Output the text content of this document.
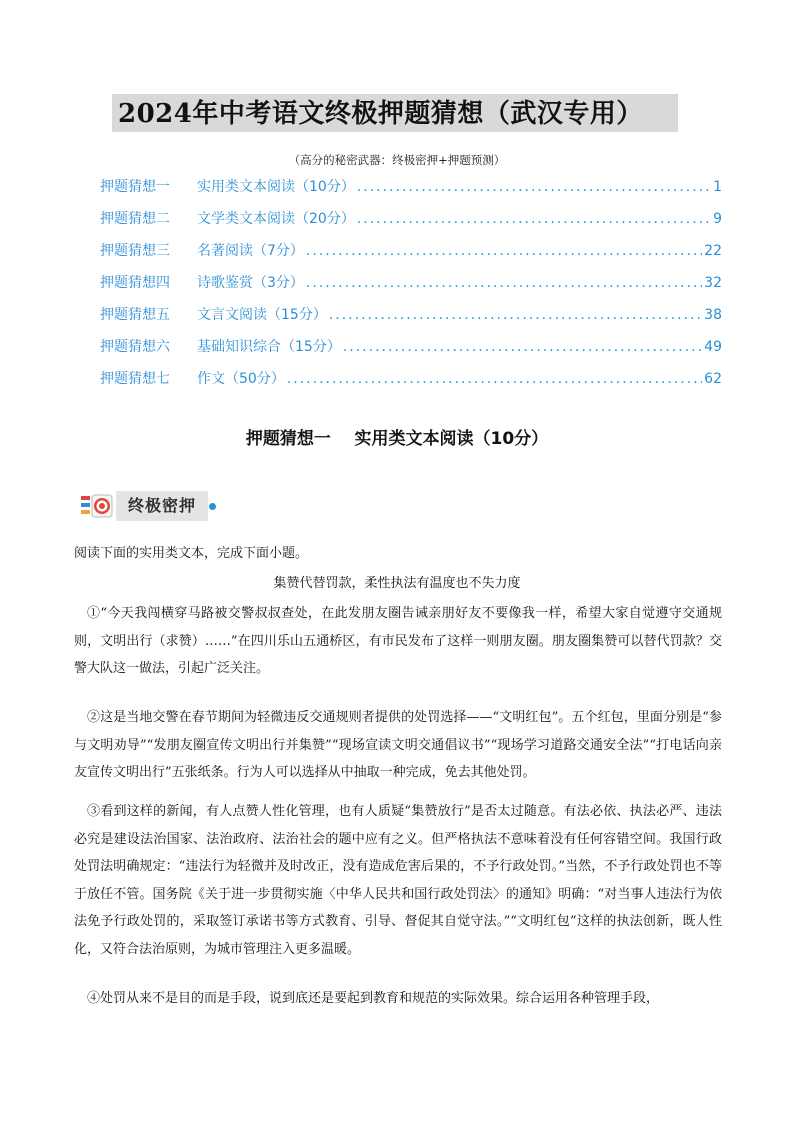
2024年中考语文终极押题猜想（武汉专用）
（高分的秘密武器：终极密押+押题预测）
押题猜想一	实用类文本阅读（10分） .....	1
押题猜想二	文学类文本阅读（20分） .....	9
押题猜想三	名著阅读（7分） .....	22
押题猜想四	诗歌鉴赏（3分） .....	32
押题猜想五	文言文阅读（15分） .....	38
押题猜想六	基础知识综合（15分） .....	49
押题猜想七	作文（50分） .....	62
押题猜想一    实用类文本阅读（10分）
终极密押
阅读下面的实用类文本，完成下面小题。
集赞代替罚款，柔性执法有温度也不失力度

①“今天我闯横穿马路被交警叔叔查处，在此发朋友圈告诫亲朋好友不要像我一样，希望大家自觉遵守交通规则，文明出行（求赞）……”在四川乐山五通桥区，有市民发布了这样一则朋友圈。朋友圈集赞可以替代罚款？交警大队这一做法，引起广泛关注。

②这是当地交警在春节期间为轻微违反交通规则者提供的处罚选择——“文明红包”。五个红包，里面分别是“参与文明劝导”“发朋友圈宣传文明出行并集赞”“现场宣读文明交通倡议书”“现场学习道路交通安全法”“打电话向亲友宣传文明出行”五张纸条。行为人可以选择从中抽取一种完成，免去其他处罚。

③看到这样的新闻，有人点赞人性化管理，也有人质疑“集赞放行”是否太过随意。有法必依、执法必严、违法必究是建设法治国家、法治政府、法治社会的题中应有之义。但严格执法不意味着没有任何容错空间。我国行政处罚法明确规定：“违法行为轻微并及时改正，没有造成危害后果的，不予行政处罚。”当然，不予行政处罚也不等于放任不管。国务院《关于进一步贯彻实施〈中华人民共和国行政处罚法〉的通知》明确：“对当事人违法行为依法免予行政处罚的，采取签订承诺书等方式教育、引导、督促其自觉守法。”“文明红包”这样的执法创新，既人性化，又符合法治原则，为城市管理注入更多温暖。

④处罚从来不是目的而是手段，说到底还是要起到教育和规范的实际效果。综合运用各种管理手段，
